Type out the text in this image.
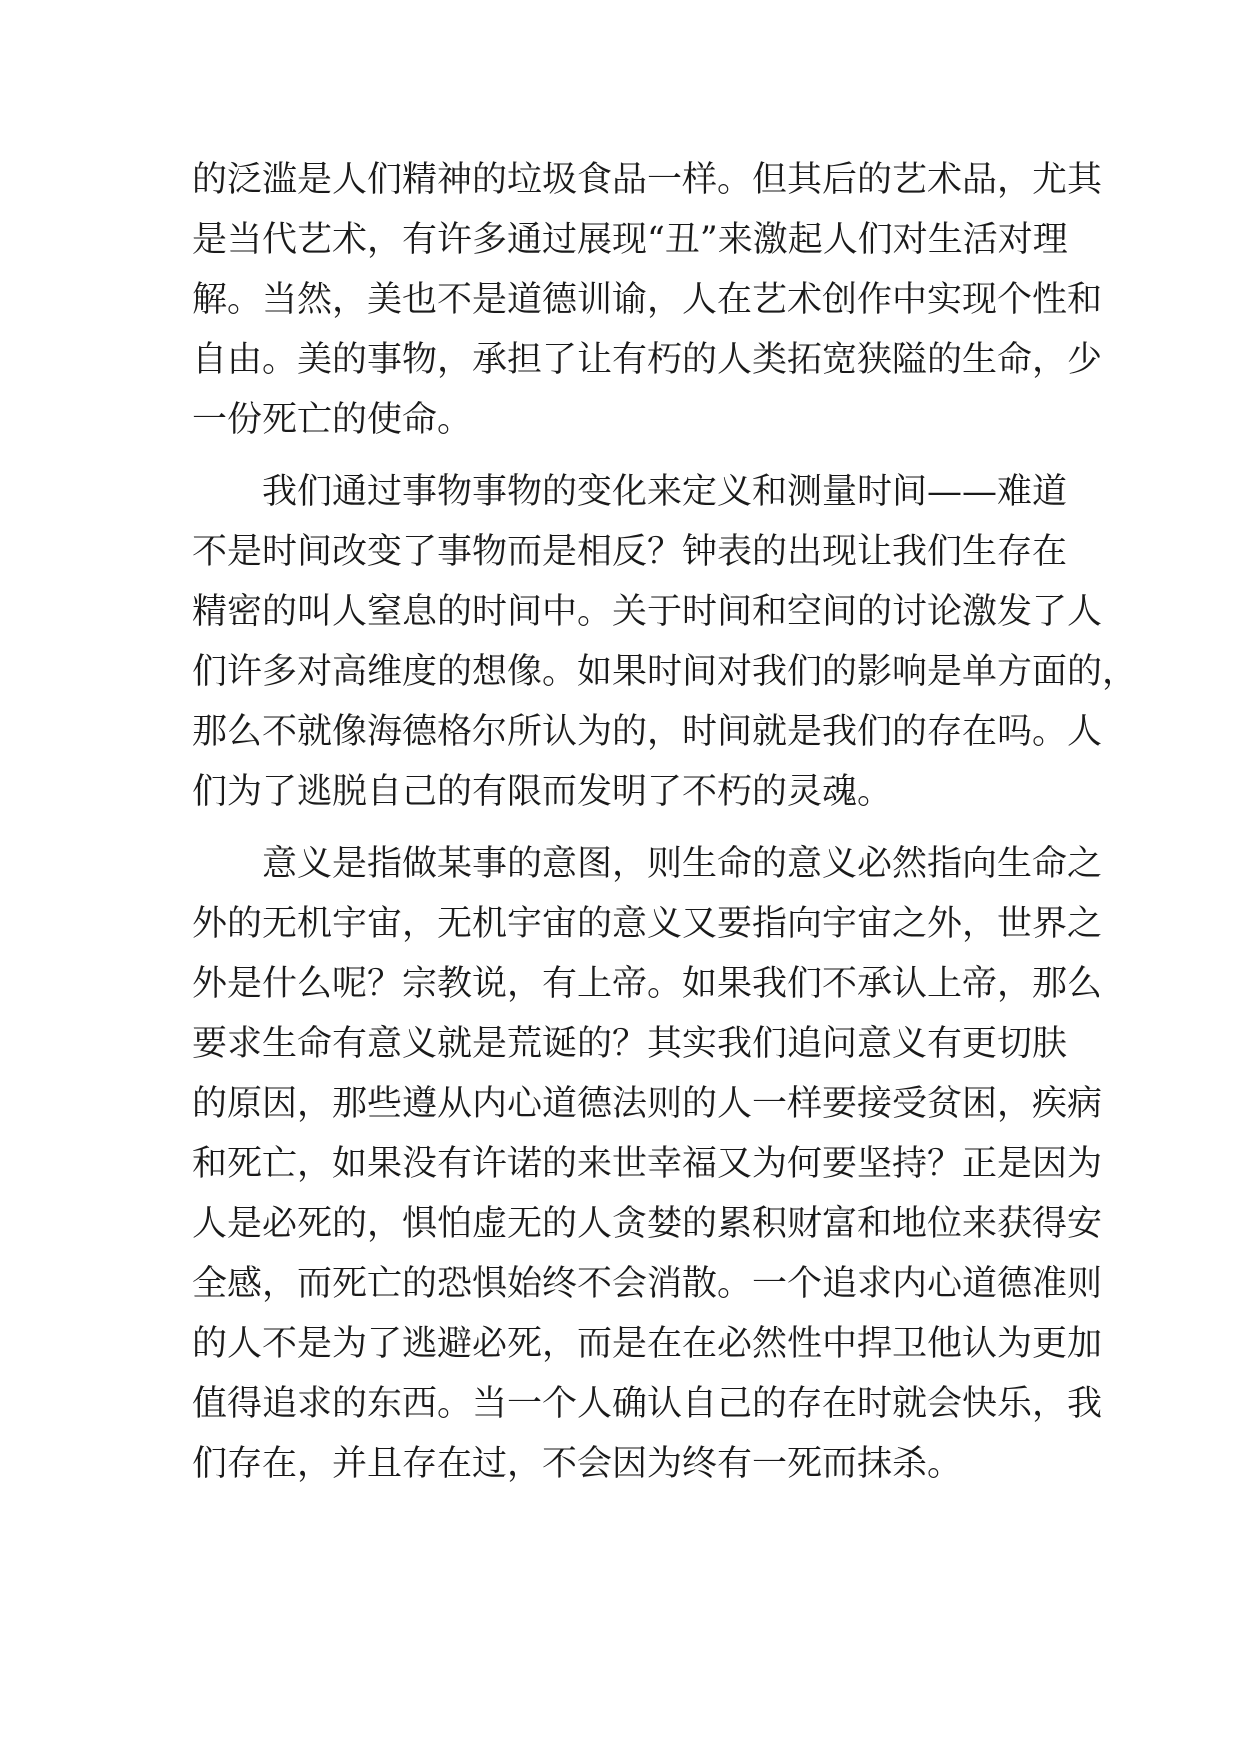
的泛滥是人们精神的垃圾食品一样。但其后的艺术品，尤其
是当代艺术，有许多通过展现“丑”来激起人们对生活对理
解。当然，美也不是道德训谕，人在艺术创作中实现个性和
自由。美的事物，承担了让有朽的人类拓宽狭隘的生命，少
一份死亡的使命。
我们通过事物事物的变化来定义和测量时间——难道
不是时间改变了事物而是相反？钟表的出现让我们生存在
精密的叫人窒息的时间中。关于时间和空间的讨论激发了人
们许多对高维度的想像。如果时间对我们的影响是单方面的，
那么不就像海德格尔所认为的，时间就是我们的存在吗。人
们为了逃脱自己的有限而发明了不朽的灵魂。
意义是指做某事的意图，则生命的意义必然指向生命之
外的无机宇宙，无机宇宙的意义又要指向宇宙之外，世界之
外是什么呢？宗教说，有上帝。如果我们不承认上帝，那么
要求生命有意义就是荒诞的？其实我们追问意义有更切肤
的原因，那些遵从内心道德法则的人一样要接受贫困，疾病
和死亡，如果没有许诺的来世幸福又为何要坚持？正是因为
人是必死的，惧怕虚无的人贪婪的累积财富和地位来获得安
全感，而死亡的恐惧始终不会消散。一个追求内心道德准则
的人不是为了逃避必死，而是在在必然性中捍卫他认为更加
值得追求的东西。当一个人确认自己的存在时就会快乐，我
们存在，并且存在过，不会因为终有一死而抹杀。
